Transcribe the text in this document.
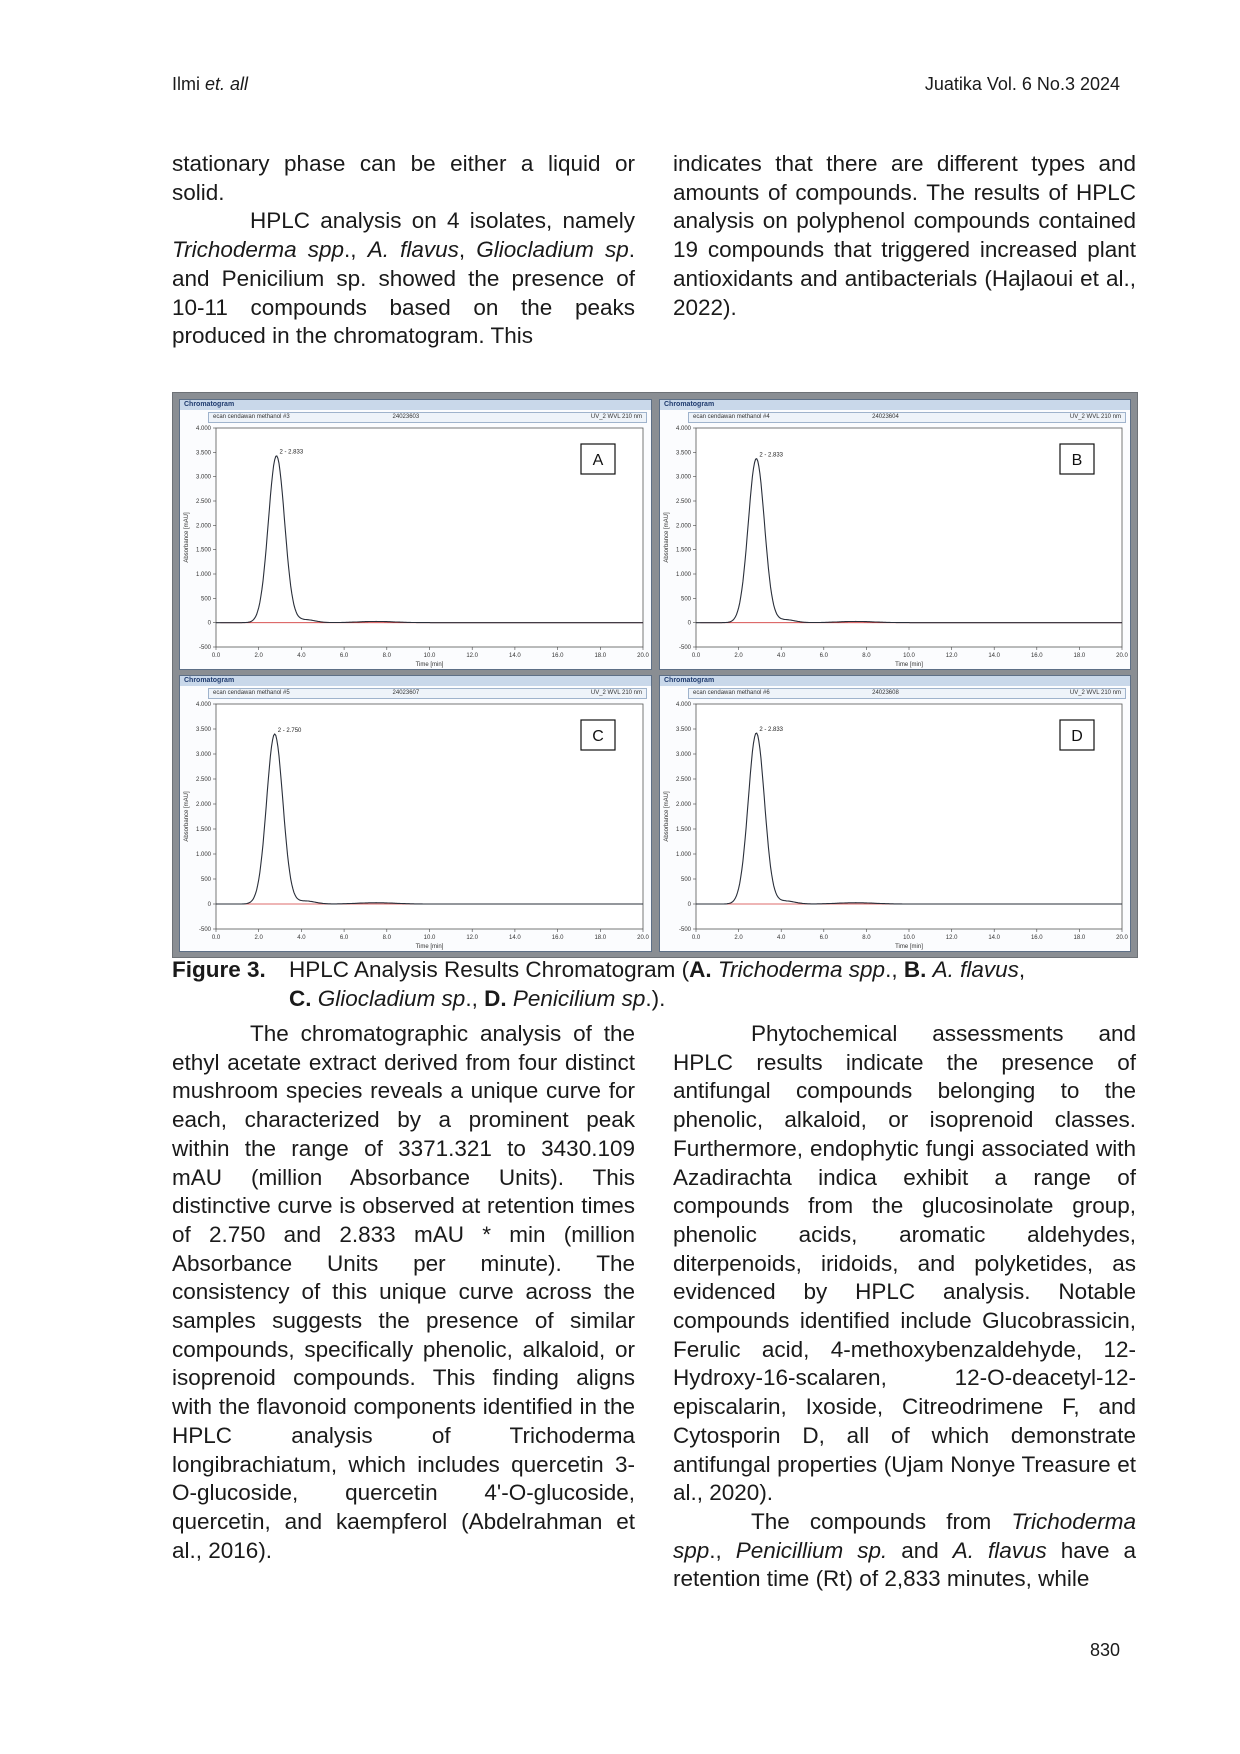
Ilmi et. all	Juatika Vol. 6 No.3 2024

stationary phase can be either a liquid or solid.

HPLC analysis on 4 isolates, namely Trichoderma spp., A. flavus, Gliocladium sp. and Penicilium sp. showed the presence of 10-11 compounds based on the peaks produced in the chromatogram. This

indicates that there are different types and amounts of compounds. The results of HPLC analysis on polyphenol compounds contained 19 compounds that triggered increased plant antioxidants and antibacterials (Hajlaoui et al., 2022).

Chromatogram
ecan cendawan methanol #3	24023603	UV_2 WVL 210 nm
-500
0
500
1.000
1.500
2.000
2.500
3.000
3.500
4.000
0.0	2.0	4.0	6.0	8.0	10.0	12.0	14.0	16.0	18.0	20.0
Time [min]
Absorbance [mAU]
2 - 2.833	A
Chromatogram
ecan cendawan methanol #4	24023604	UV_2 WVL 210 nm
-500
0
500
1.000
1.500
2.000
2.500
3.000
3.500
4.000
0.0	2.0	4.0	6.0	8.0	10.0	12.0	14.0	16.0	18.0	20.0
Time [min]
Absorbance [mAU]
2 - 2.833	B
Chromatogram
ecan cendawan methanol #5	24023607	UV_2 WVL 210 nm
-500
0
500
1.000
1.500
2.000
2.500
3.000
3.500
4.000
0.0	2.0	4.0	6.0	8.0	10.0	12.0	14.0	16.0	18.0	20.0
Time [min]
Absorbance [mAU]
2 - 2.750	C
Chromatogram
ecan cendawan methanol #6	24023608	UV_2 WVL 210 nm
-500
0
500
1.000
1.500
2.000
2.500
3.000
3.500
4.000
0.0	2.0	4.0	6.0	8.0	10.0	12.0	14.0	16.0	18.0	20.0
Time [min]
Absorbance [mAU]
2 - 2.833	D
Figure 3. HPLC Analysis Results Chromatogram (A. Trichoderma spp., B. A. flavus,
C. Gliocladium sp., D. Penicilium sp.).

The chromatographic analysis of the ethyl acetate extract derived from four distinct mushroom species reveals a unique curve for each, characterized by a prominent peak within the range of 3371.321 to 3430.109 mAU (million Absorbance Units). This distinctive curve is observed at retention times of 2.750 and 2.833 mAU * min (million Absorbance Units per minute). The consistency of this unique curve across the samples suggests the presence of similar compounds, specifically phenolic, alkaloid, or isoprenoid compounds. This finding aligns with the flavonoid components identified in the HPLC analysis of Trichoderma longibrachiatum, which includes quercetin 3-O-glucoside, quercetin 4'-O-glucoside, quercetin, and kaempferol (Abdelrahman et al., 2016).

Phytochemical assessments and HPLC results indicate the presence of antifungal compounds belonging to the phenolic, alkaloid, or isoprenoid classes. Furthermore, endophytic fungi associated with Azadirachta indica exhibit a range of compounds from the glucosinolate group, phenolic acids, aromatic aldehydes, diterpenoids, iridoids, and polyketides, as evidenced by HPLC analysis. Notable compounds identified include Glucobrassicin, Ferulic acid, 4-methoxybenzaldehyde, 12-Hydroxy-16-scalaren, 12-O-deacetyl-12-episcalarin, Ixoside, Citreodrimene F, and Cytosporin D, all of which demonstrate antifungal properties (Ujam Nonye Treasure et al., 2020).

The compounds from Trichoderma spp., Penicillium sp. and A. flavus have a retention time (Rt) of 2,833 minutes, while

830
